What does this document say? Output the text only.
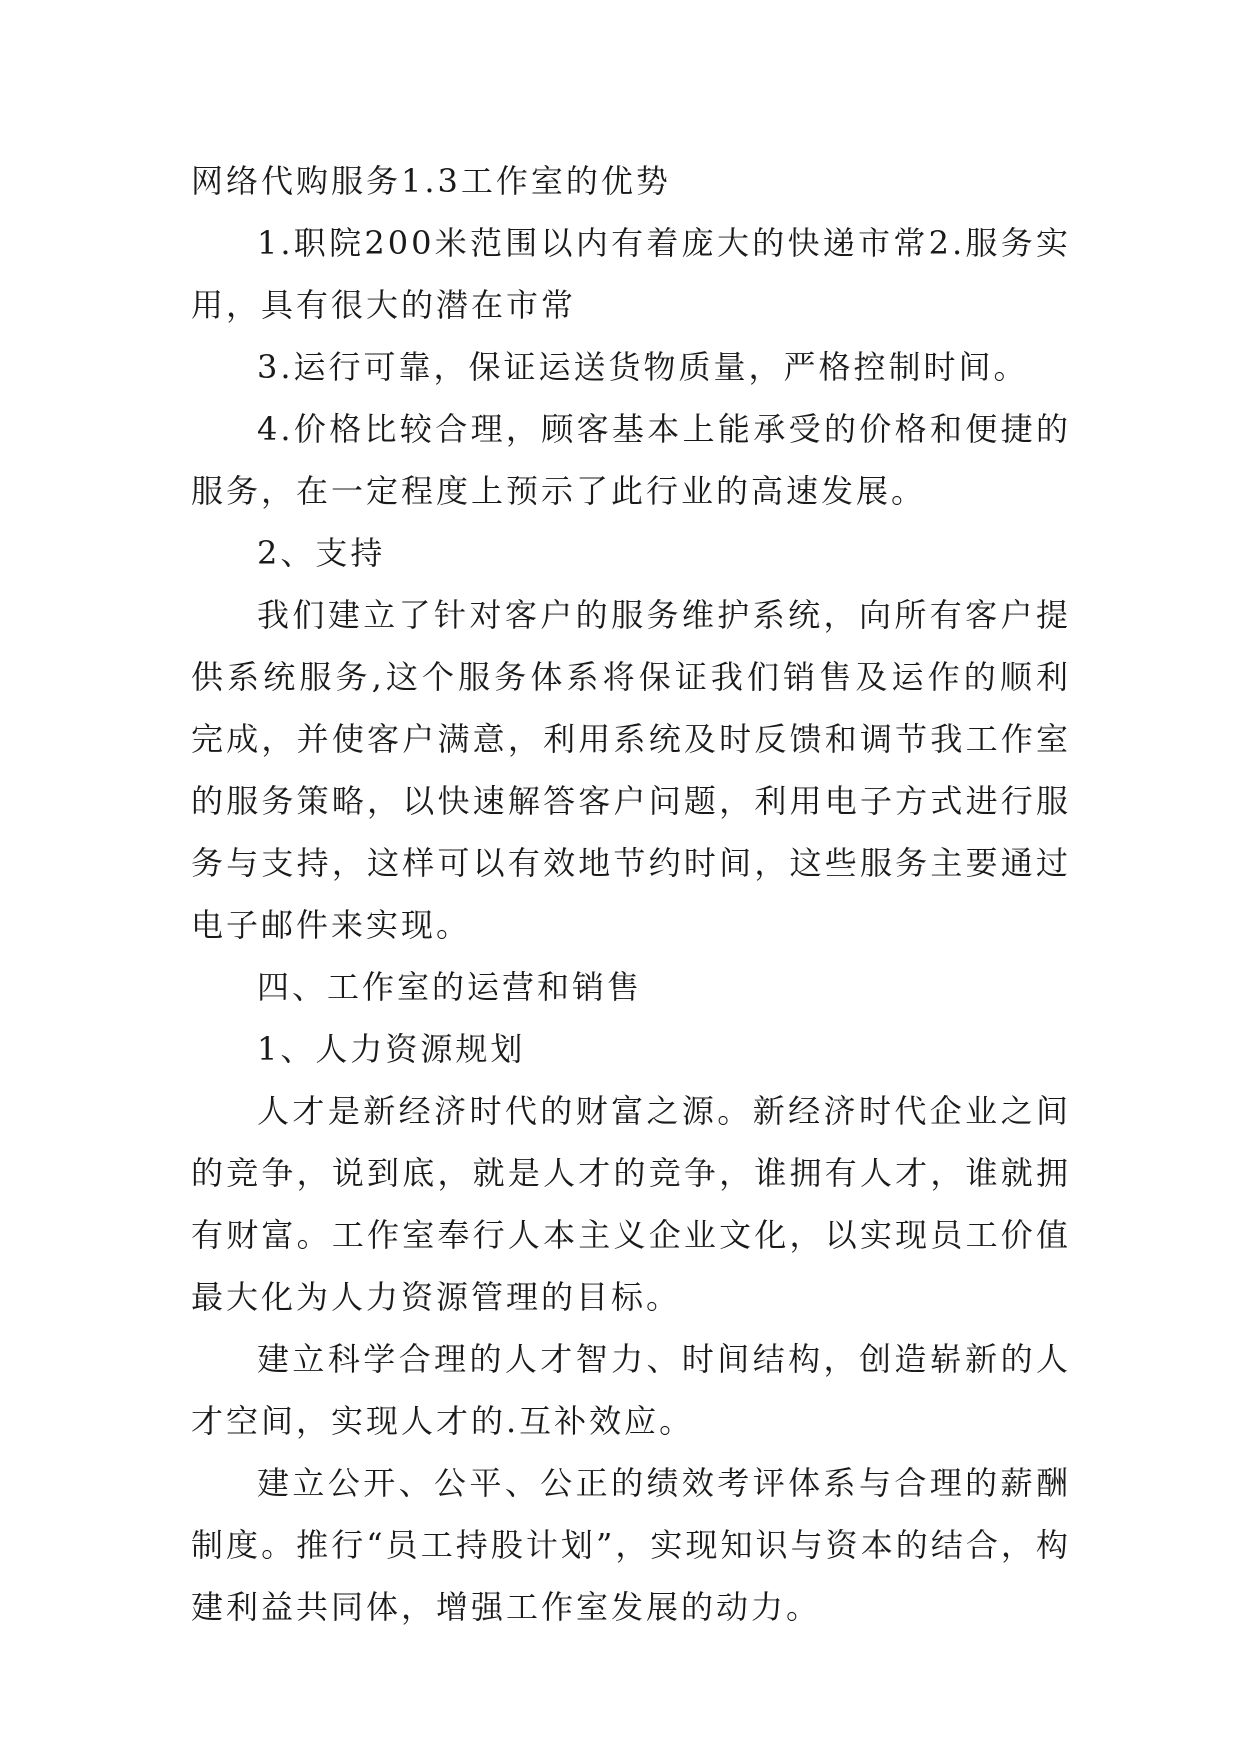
网络代购服务1.3工作室的优势

1.职院200米范围以内有着庞大的快递市常2.服务实用，具有很大的潜在市常

3.运行可靠，保证运送货物质量，严格控制时间。

4.价格比较合理，顾客基本上能承受的价格和便捷的服务，在一定程度上预示了此行业的高速发展。

2、支持

我们建立了针对客户的服务维护系统，向所有客户提供系统服务,这个服务体系将保证我们销售及运作的顺利完成，并使客户满意，利用系统及时反馈和调节我工作室的服务策略，以快速解答客户问题，利用电子方式进行服务与支持，这样可以有效地节约时间，这些服务主要通过电子邮件来实现。

四、工作室的运营和销售

1、人力资源规划

人才是新经济时代的财富之源。新经济时代企业之间的竞争，说到底，就是人才的竞争，谁拥有人才，谁就拥有财富。工作室奉行人本主义企业文化，以实现员工价值最大化为人力资源管理的目标。

建立科学合理的人才智力、时间结构，创造崭新的人才空间，实现人才的.互补效应。

建立公开、公平、公正的绩效考评体系与合理的薪酬制度。推行“员工持股计划”，实现知识与资本的结合，构建利益共同体，增强工作室发展的动力。
